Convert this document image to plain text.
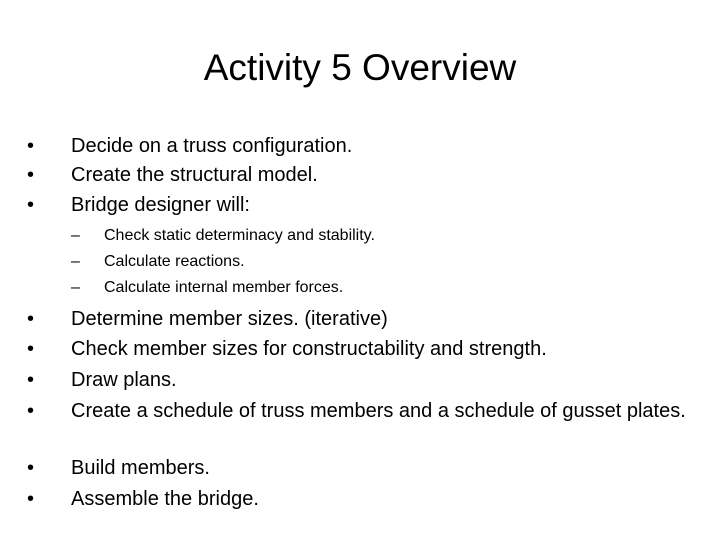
Activity 5 Overview
• Decide on a truss configuration.
• Create the structural model.
• Bridge designer will:
– Check static determinacy and stability.
– Calculate reactions.
– Calculate internal member forces.
• Determine member sizes. (iterative)
• Check member sizes for constructability and strength.
• Draw plans.
• Create a schedule of truss members and a schedule of gusset plates.
• Build members.
• Assemble the bridge.
